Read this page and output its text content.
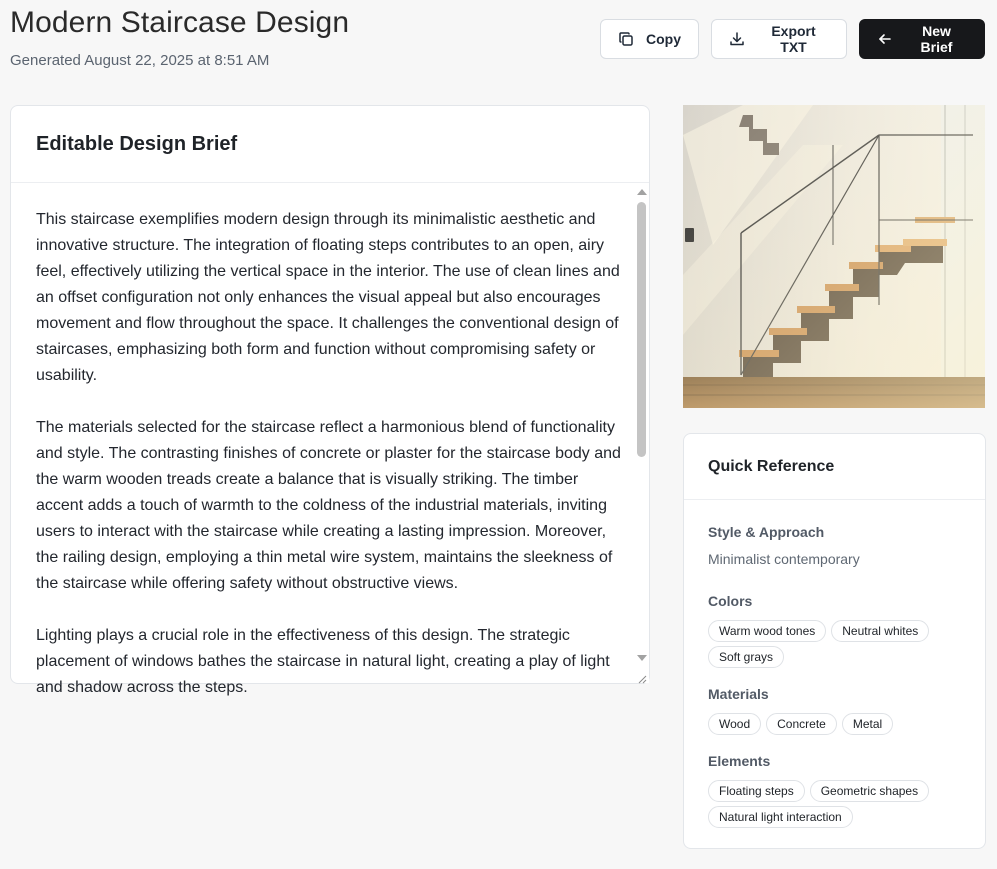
Modern Staircase Design
Generated August 22, 2025 at 8:51 AM
Copy	Export TXT
New Brief
Editable Design Brief

This staircase exemplifies modern design through its minimalistic aesthetic and innovative structure. The integration of floating steps contributes to an open, airy feel, effectively utilizing the vertical space in the interior. The use of clean lines and an offset configuration not only enhances the visual appeal but also encourages movement and flow throughout the space. It challenges the conventional design of staircases, emphasizing both form and function without compromising safety or usability.

The materials selected for the staircase reflect a harmonious blend of functionality and style. The contrasting finishes of concrete or plaster for the staircase body and the warm wooden treads create a balance that is visually striking. The timber accent adds a touch of warmth to the coldness of the industrial materials, inviting users to interact with the staircase while creating a lasting impression. Moreover, the railing design, employing a thin metal wire system, maintains the sleekness of the staircase while offering safety without obstructive views.

Lighting plays a crucial role in the effectiveness of this design. The strategic placement of windows bathes the staircase in natural light, creating a play of light and shadow across the steps.

Quick Reference
Style & Approach
Minimalist contemporary
Colors
Warm wood tones	Neutral whites
Soft grays
Materials
Wood	Concrete	Metal
Elements
Floating steps	Geometric shapes
Natural light interaction
